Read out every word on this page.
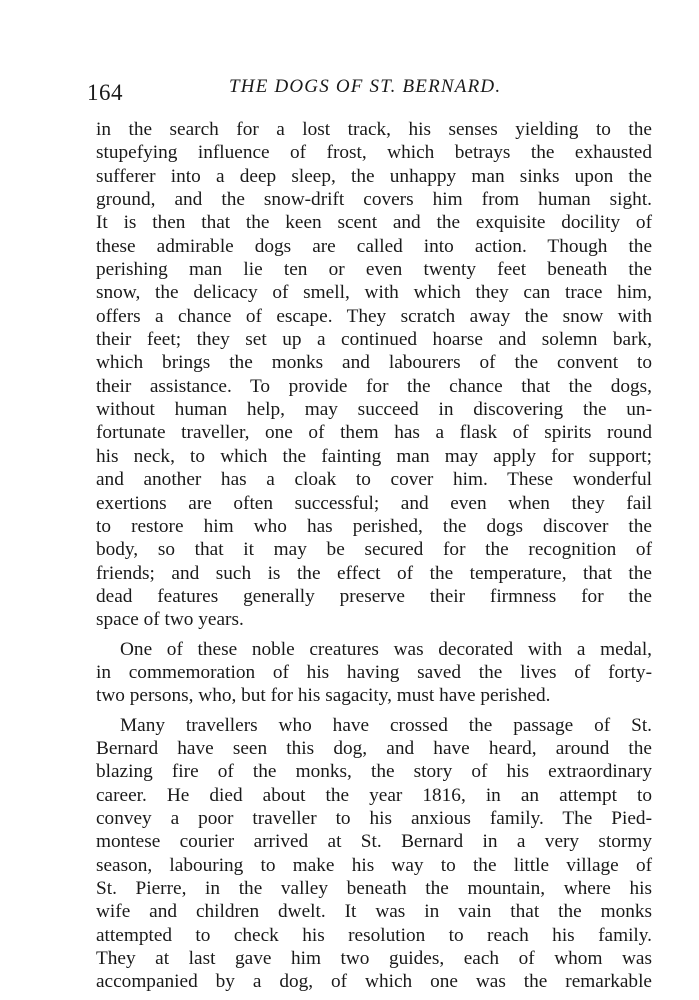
164	THE DOGS OF ST. BERNARD.
in the search for a lost track, his senses yielding to the
stupefying influence of frost, which betrays the exhausted
sufferer into a deep sleep, the unhappy man sinks upon the
ground, and the snow-drift covers him from human sight.
It is then that the keen scent and the exquisite docility of
these admirable dogs are called into action. Though the
perishing man lie ten or even twenty feet beneath the
snow, the delicacy of smell, with which they can trace him,
offers a chance of escape. They scratch away the snow with
their feet; they set up a continued hoarse and solemn bark,
which brings the monks and labourers of the convent to
their assistance. To provide for the chance that the dogs,
without human help, may succeed in discovering the un-
fortunate traveller, one of them has a flask of spirits round
his neck, to which the fainting man may apply for support;
and another has a cloak to cover him. These wonderful
exertions are often successful; and even when they fail
to restore him who has perished, the dogs discover the
body, so that it may be secured for the recognition of
friends; and such is the effect of the temperature, that the
dead features generally preserve their firmness for the
space of two years.
One of these noble creatures was decorated with a medal,
in commemoration of his having saved the lives of forty-
two persons, who, but for his sagacity, must have perished.
Many travellers who have crossed the passage of St.
Bernard have seen this dog, and have heard, around the
blazing fire of the monks, the story of his extraordinary
career. He died about the year 1816, in an attempt to
convey a poor traveller to his anxious family. The Pied-
montese courier arrived at St. Bernard in a very stormy
season, labouring to make his way to the little village of
St. Pierre, in the valley beneath the mountain, where his
wife and children dwelt. It was in vain that the monks
attempted to check his resolution to reach his family.
They at last gave him two guides, each of whom was
accompanied by a dog, of which one was the remarkable
